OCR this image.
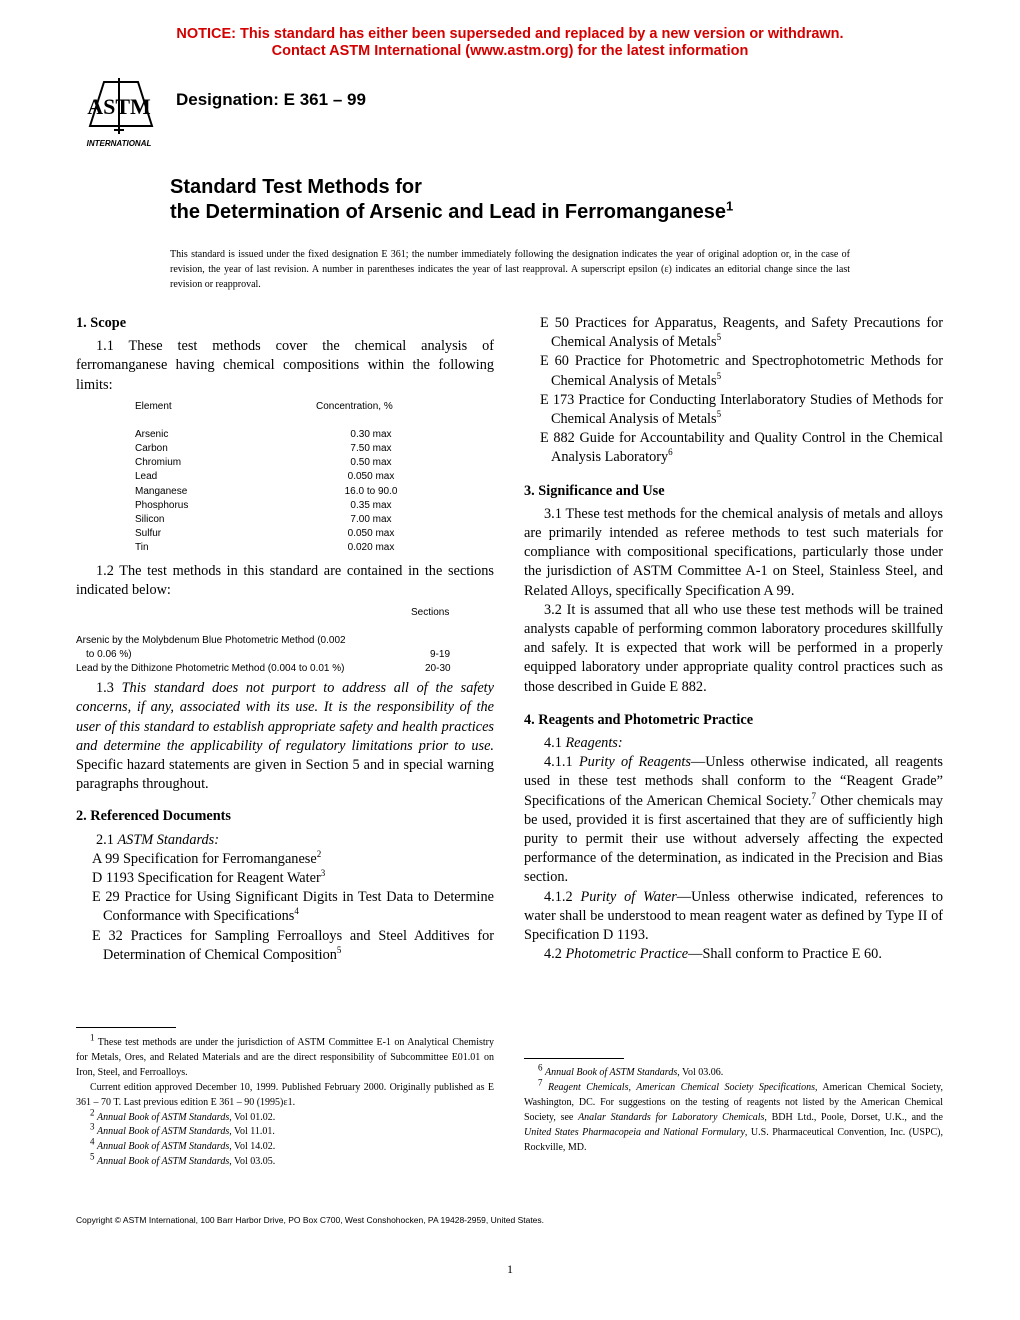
NOTICE: This standard has either been superseded and replaced by a new version or withdrawn.
Contact ASTM International (www.astm.org) for the latest information
ASTM
INTERNATIONAL
Designation: E 361 – 99
Standard Test Methods for
the Determination of Arsenic and Lead in Ferromanganese$^1$
This standard is issued under the fixed designation E 361; the number immediately following the designation indicates the year of original adoption or, in the case of revision, the year of last revision. A number in parentheses indicates the year of last reapproval. A superscript epsilon (ε) indicates an editorial change since the last revision or reapproval.
1. Scope

1.1 These test methods cover the chemical analysis of ferromanganese having chemical compositions within the following limits:

Element	Concentration, %
Arsenic	0.30 max
Carbon	7.50 max
Chromium	0.50 max
Lead	0.050 max
Manganese	16.0 to 90.0
Phosphorus	0.35 max
Silicon	7.00 max
Sulfur	0.050 max
Tin	0.020 max

1.2 The test methods in this standard are contained in the sections indicated below:

Sections
Arsenic by the Molybdenum Blue Photometric Method (0.002
to 0.06 %)	9-19
Lead by the Dithizone Photometric Method (0.004 to 0.01 %)	20-30

1.3 This standard does not purport to address all of the safety concerns, if any, associated with its use. It is the responsibility of the user of this standard to establish appropriate safety and health practices and determine the applicability of regulatory limitations prior to use. Specific hazard statements are given in Section 5 and in special warning paragraphs throughout.

2. Referenced Documents

2.1 ASTM Standards:

A 99 Specification for Ferromanganese$^2$

D 1193 Specification for Reagent Water$^3$

E 29 Practice for Using Significant Digits in Test Data to Determine Conformance with Specifications$^4$

E 32 Practices for Sampling Ferroalloys and Steel Additives for Determination of Chemical Composition$^5$

$^1$ These test methods are under the jurisdiction of ASTM Committee E-1 on Analytical Chemistry for Metals, Ores, and Related Materials and are the direct responsibility of Subcommittee E01.01 on Iron, Steel, and Ferroalloys.

Current edition approved December 10, 1999. Published February 2000. Originally published as E 361 – 70 T. Last previous edition E 361 – 90 (1995)ε1.

$^2$ Annual Book of ASTM Standards, Vol 01.02.

$^3$ Annual Book of ASTM Standards, Vol 11.01.

$^4$ Annual Book of ASTM Standards, Vol 14.02.

$^5$ Annual Book of ASTM Standards, Vol 03.05.

E 50 Practices for Apparatus, Reagents, and Safety Precautions for Chemical Analysis of Metals$^5$

E 60 Practice for Photometric and Spectrophotometric Methods for Chemical Analysis of Metals$^5$

E 173 Practice for Conducting Interlaboratory Studies of Methods for Chemical Analysis of Metals$^5$

E 882 Guide for Accountability and Quality Control in the Chemical Analysis Laboratory$^6$

3. Significance and Use

3.1 These test methods for the chemical analysis of metals and alloys are primarily intended as referee methods to test such materials for compliance with compositional specifications, particularly those under the jurisdiction of ASTM Committee A-1 on Steel, Stainless Steel, and Related Alloys, specifically Specification A 99.

3.2 It is assumed that all who use these test methods will be trained analysts capable of performing common laboratory procedures skillfully and safely. It is expected that work will be performed in a properly equipped laboratory under appropriate quality control practices such as those described in Guide E 882.

4. Reagents and Photometric Practice

4.1 Reagents:

4.1.1 Purity of Reagents—Unless otherwise indicated, all reagents used in these test methods shall conform to the “Reagent Grade” Specifications of the American Chemical Society.$^7$ Other chemicals may be used, provided it is first ascertained that they are of sufficiently high purity to permit their use without adversely affecting the expected performance of the determination, as indicated in the Precision and Bias section.

4.1.2 Purity of Water—Unless otherwise indicated, references to water shall be understood to mean reagent water as defined by Type II of Specification D 1193.

4.2 Photometric Practice—Shall conform to Practice E 60.

$^6$ Annual Book of ASTM Standards, Vol 03.06.

$^7$ Reagent Chemicals, American Chemical Society Specifications, American Chemical Society, Washington, DC. For suggestions on the testing of reagents not listed by the American Chemical Society, see Analar Standards for Laboratory Chemicals, BDH Ltd., Poole, Dorset, U.K., and the United States Pharmacopeia and National Formulary, U.S. Pharmaceutical Convention, Inc. (USPC), Rockville, MD.

Copyright © ASTM International, 100 Barr Harbor Drive, PO Box C700, West Conshohocken, PA 19428-2959, United States.
1
